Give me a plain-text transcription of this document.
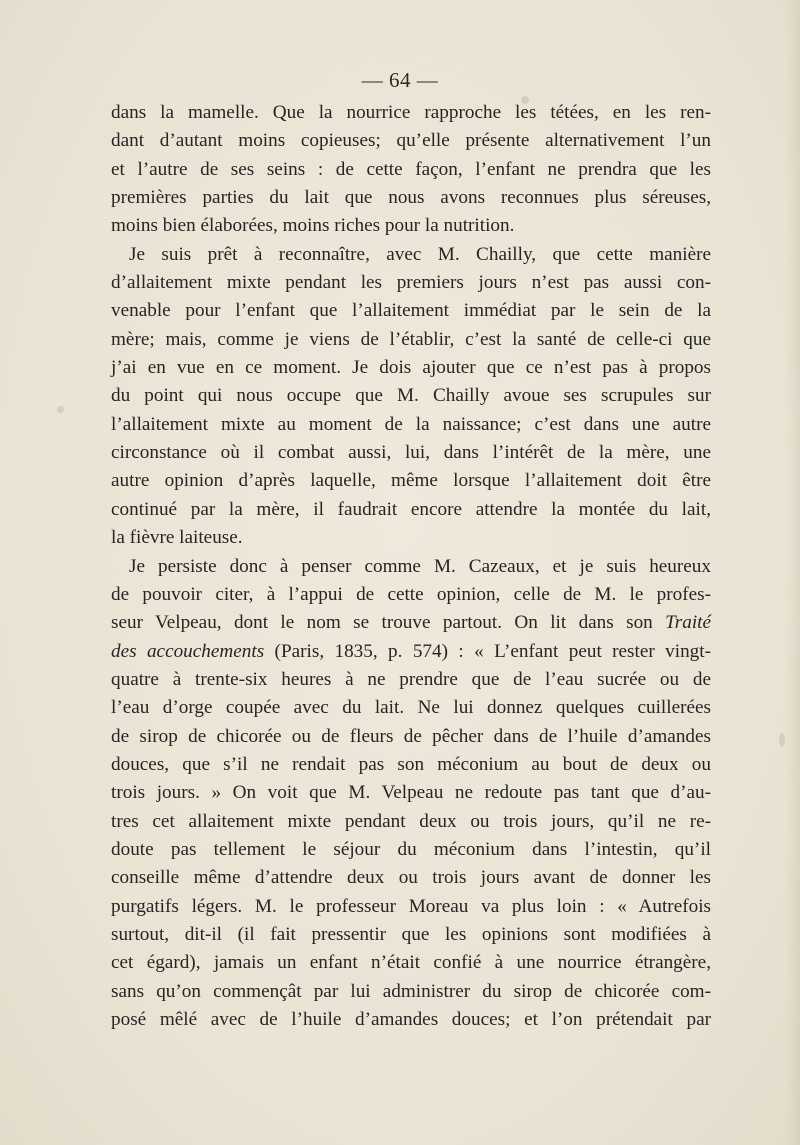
— 64 —
dans la mamelle. Que la nourrice rapproche les tétées, en les ren-
dant d’autant moins copieuses; qu’elle présente alternativement l’un
et l’autre de ses seins : de cette façon, l’enfant ne prendra que les
premières parties du lait que nous avons reconnues plus séreuses,
moins bien élaborées, moins riches pour la nutrition.
Je suis prêt à reconnaître, avec M. Chailly, que cette manière
d’allaitement mixte pendant les premiers jours n’est pas aussi con-
venable pour l’enfant que l’allaitement immédiat par le sein de la
mère; mais, comme je viens de l’établir, c’est la santé de celle-ci que
j’ai en vue en ce moment. Je dois ajouter que ce n’est pas à propos
du point qui nous occupe que M. Chailly avoue ses scrupules sur
l’allaitement mixte au moment de la naissance; c’est dans une autre
circonstance où il combat aussi, lui, dans l’intérêt de la mère, une
autre opinion d’après laquelle, même lorsque l’allaitement doit être
continué par la mère, il faudrait encore attendre la montée du lait,
la fièvre laiteuse.
Je persiste donc à penser comme M. Cazeaux, et je suis heureux
de pouvoir citer, à l’appui de cette opinion, celle de M. le profes-
seur Velpeau, dont le nom se trouve partout. On lit dans son Traité
des accouchements (Paris, 1835, p. 574) : « L’enfant peut rester vingt-
quatre à trente-six heures à ne prendre que de l’eau sucrée ou de
l’eau d’orge coupée avec du lait. Ne lui donnez quelques cuillerées
de sirop de chicorée ou de fleurs de pêcher dans de l’huile d’amandes
douces, que s’il ne rendait pas son méconium au bout de deux ou
trois jours. » On voit que M. Velpeau ne redoute pas tant que d’au-
tres cet allaitement mixte pendant deux ou trois jours, qu’il ne re-
doute pas tellement le séjour du méconium dans l’intestin, qu’il
conseille même d’attendre deux ou trois jours avant de donner les
purgatifs légers. M. le professeur Moreau va plus loin : « Autrefois
surtout, dit-il (il fait pressentir que les opinions sont modifiées à
cet égard), jamais un enfant n’était confié à une nourrice étrangère,
sans qu’on commençât par lui administrer du sirop de chicorée com-
posé mêlé avec de l’huile d’amandes douces; et l’on prétendait par
